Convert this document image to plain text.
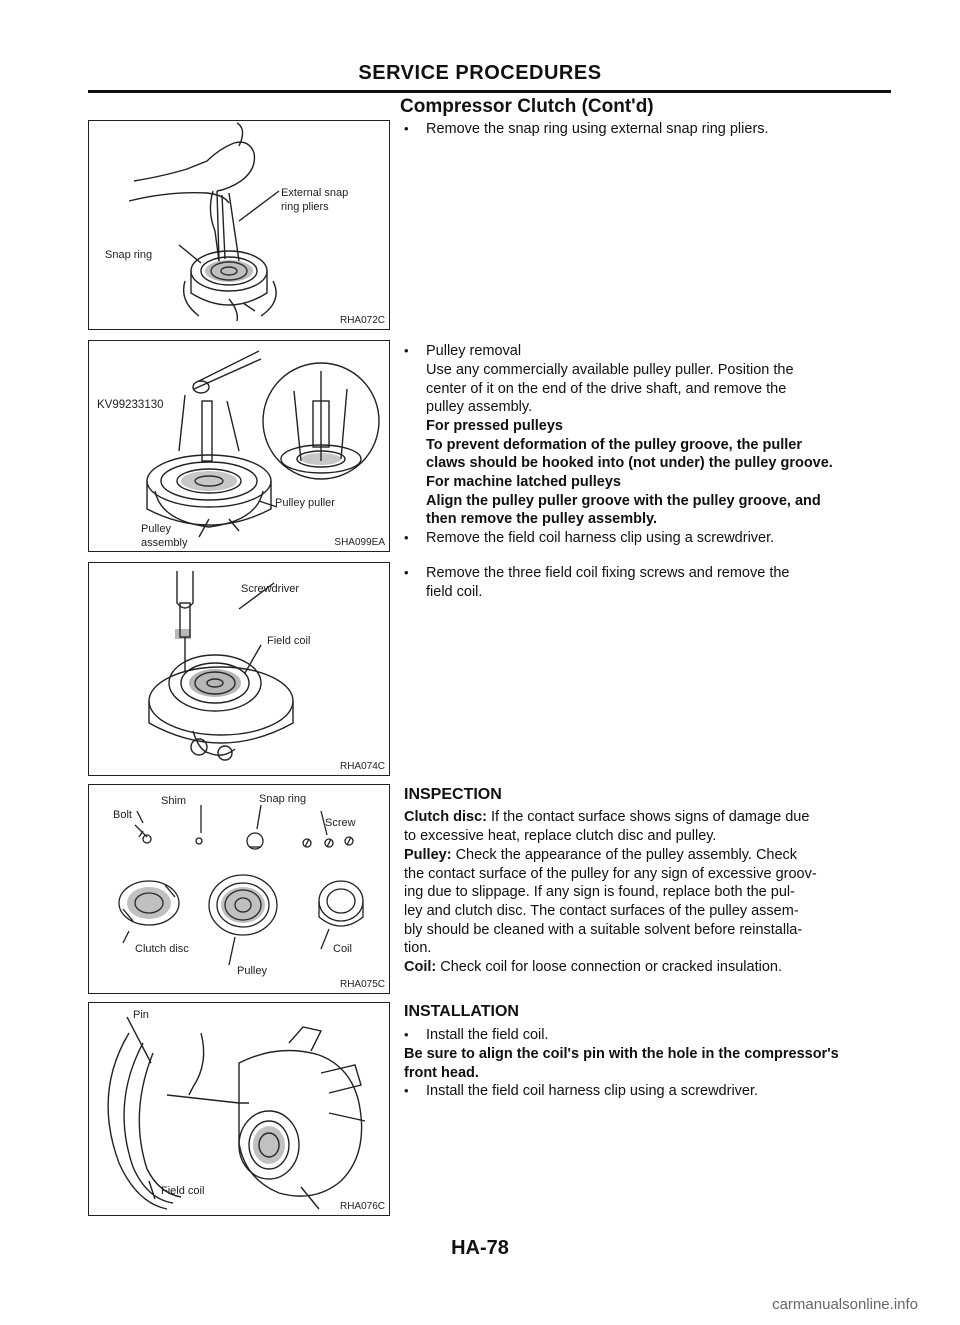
SERVICE PROCEDURES
Compressor Clutch (Cont'd)
Snap ring
External snap
ring pliers
RHA072C
KV99233130
Pulley puller
Pulley
assembly	SHA099EA
Screwdriver
Field coil
RHA074C
Shim	Snap ring
Bolt
Screw
Clutch disc	Coil
Pulley
RHA075C
Pin
Field coil
RHA076C
• Remove the snap ring using external snap ring pliers.
• Pulley removal
Use any commercially available pulley puller. Position the
center of it on the end of the drive shaft, and remove the
pulley assembly.
For pressed pulleys
To prevent deformation of the pulley groove, the puller
claws should be hooked into (not under) the pulley groove.
For machine latched pulleys
Align the pulley puller groove with the pulley groove, and
then remove the pulley assembly.
• Remove the field coil harness clip using a screwdriver.
• Remove the three field coil fixing screws and remove the
field coil.
INSPECTION
Clutch disc: If the contact surface shows signs of damage due
to excessive heat, replace clutch disc and pulley.
Pulley: Check the appearance of the pulley assembly. Check
the contact surface of the pulley for any sign of excessive groov-
ing due to slippage. If any sign is found, replace both the pul-
ley and clutch disc. The contact surfaces of the pulley assem-
bly should be cleaned with a suitable solvent before reinstalla-
tion.
Coil: Check coil for loose connection or cracked insulation.
INSTALLATION
• Install the field coil.
Be sure to align the coil's pin with the hole in the compressor's
front head.
• Install the field coil harness clip using a screwdriver.
HA-78
carmanualsonline.info
